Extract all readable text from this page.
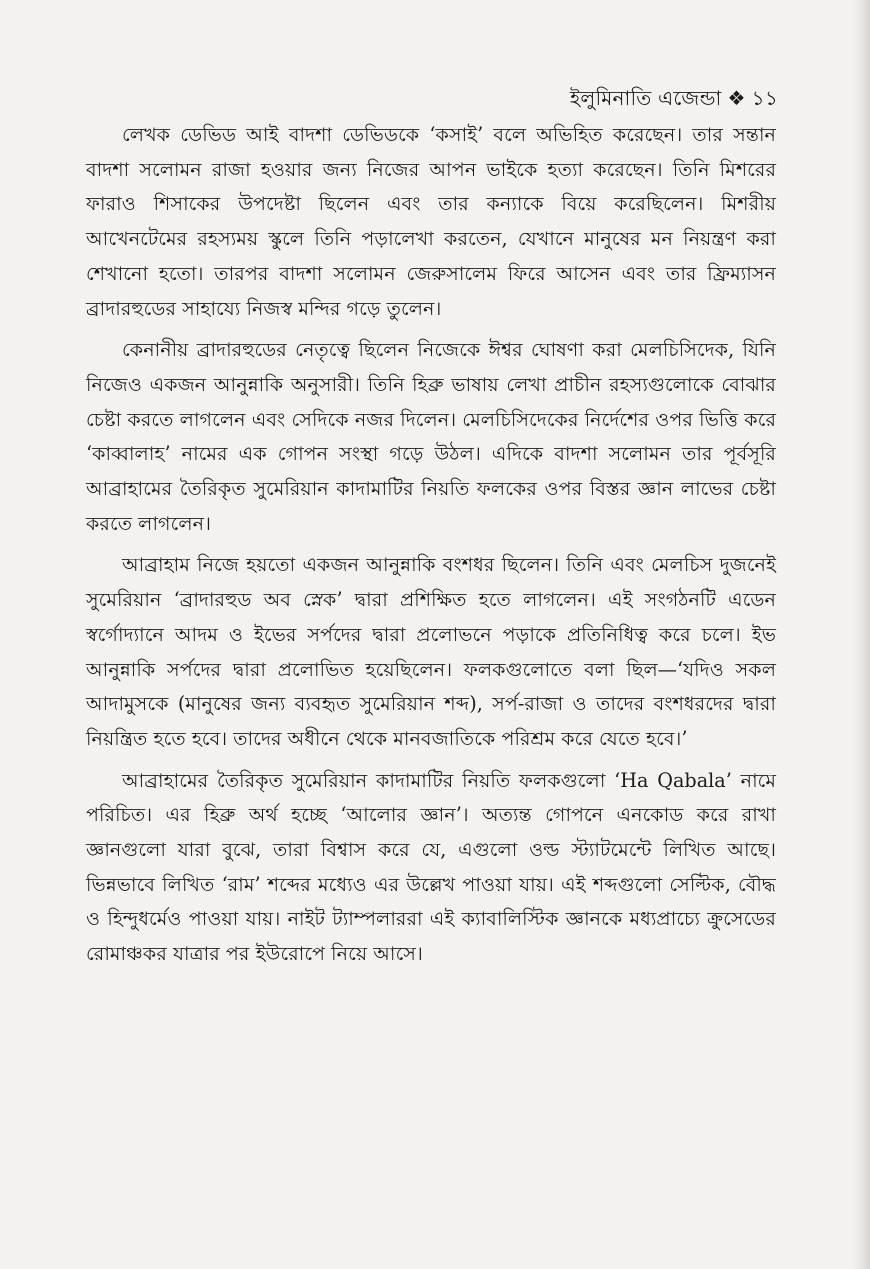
ইলুমিনাতি এজেন্ডা ❖ ১১

লেখক ডেভিড আই বাদশা ডেভিডকে ‘কসাই’ বলে অভিহিত করেছেন। তার সন্তান বাদশা সলোমন রাজা হওয়ার জন্য নিজের আপন ভাইকে হত্যা করেছেন। তিনি মিশরের ফারাও শিসাকের উপদেষ্টা ছিলেন এবং তার কন্যাকে বিয়ে করেছিলেন। মিশরীয় আখেনটেমের রহস্যময় স্কুলে তিনি পড়ালেখা করতেন, যেখানে মানুষের মন নিয়ন্ত্রণ করা শেখানো হতো। তারপর বাদশা সলোমন জেরুসালেম ফিরে আসেন এবং তার ফ্রিম্যাসন ব্রাদারহুডের সাহায্যে নিজস্ব মন্দির গড়ে তুলেন।

কেনানীয় ব্রাদারহুডের নেতৃত্বে ছিলেন নিজেকে ঈশ্বর ঘোষণা করা মেলচিসিদেক, যিনি নিজেও একজন আনুন্নাকি অনুসারী। তিনি হিব্রু ভাষায় লেখা প্রাচীন রহস্যগুলোকে বোঝার চেষ্টা করতে লাগলেন এবং সেদিকে নজর দিলেন। মেলচিসিদেকের নির্দেশের ওপর ভিত্তি করে ‘কাব্বালাহ’ নামের এক গোপন সংস্থা গড়ে উঠল। এদিকে বাদশা সলোমন তার পূর্বসূরি আব্রাহামের তৈরিকৃত সুমেরিয়ান কাদামাটির নিয়তি ফলকের ওপর বিস্তর জ্ঞান লাভের চেষ্টা করতে লাগলেন।

আব্রাহাম নিজে হয়তো একজন আনুন্নাকি বংশধর ছিলেন। তিনি এবং মেলচিস দুজনেই সুমেরিয়ান ‘ব্রাদারহুড অব স্নেক’ দ্বারা প্রশিক্ষিত হতে লাগলেন। এই সংগঠনটি এডেন স্বর্গোদ্যানে আদম ও ইভের সর্পদের দ্বারা প্রলোভনে পড়াকে প্রতিনিধিত্ব করে চলে। ইভ আনুন্নাকি সর্পদের দ্বারা প্রলোভিত হয়েছিলেন। ফলকগুলোতে বলা ছিল—‘যদিও সকল আদামুসকে (মানুষের জন্য ব্যবহৃত সুমেরিয়ান শব্দ), সর্প-রাজা ও তাদের বংশধরদের দ্বারা নিয়ন্ত্রিত হতে হবে। তাদের অধীনে থেকে মানবজাতিকে পরিশ্রম করে যেতে হবে।’

আব্রাহামের তৈরিকৃত সুমেরিয়ান কাদামাটির নিয়তি ফলকগুলো ‘Ha Qabala’ নামে পরিচিত। এর হিব্রু অর্থ হচ্ছে ‘আলোর জ্ঞান’। অত্যন্ত গোপনে এনকোড করে রাখা জ্ঞানগুলো যারা বুঝে, তারা বিশ্বাস করে যে, এগুলো ওল্ড স্ট্যাটমেন্টে লিখিত আছে। ভিন্নভাবে লিখিত ‘রাম’ শব্দের মধ্যেও এর উল্লেখ পাওয়া যায়। এই শব্দগুলো সেল্টিক, বৌদ্ধ ও হিন্দুধর্মেও পাওয়া যায়। নাইট ট্যাম্পলাররা এই ক্যাবালিস্টিক জ্ঞানকে মধ্যপ্রাচ্যে ক্রুসেডের রোমাঞ্চকর যাত্রার পর ইউরোপে নিয়ে আসে।
